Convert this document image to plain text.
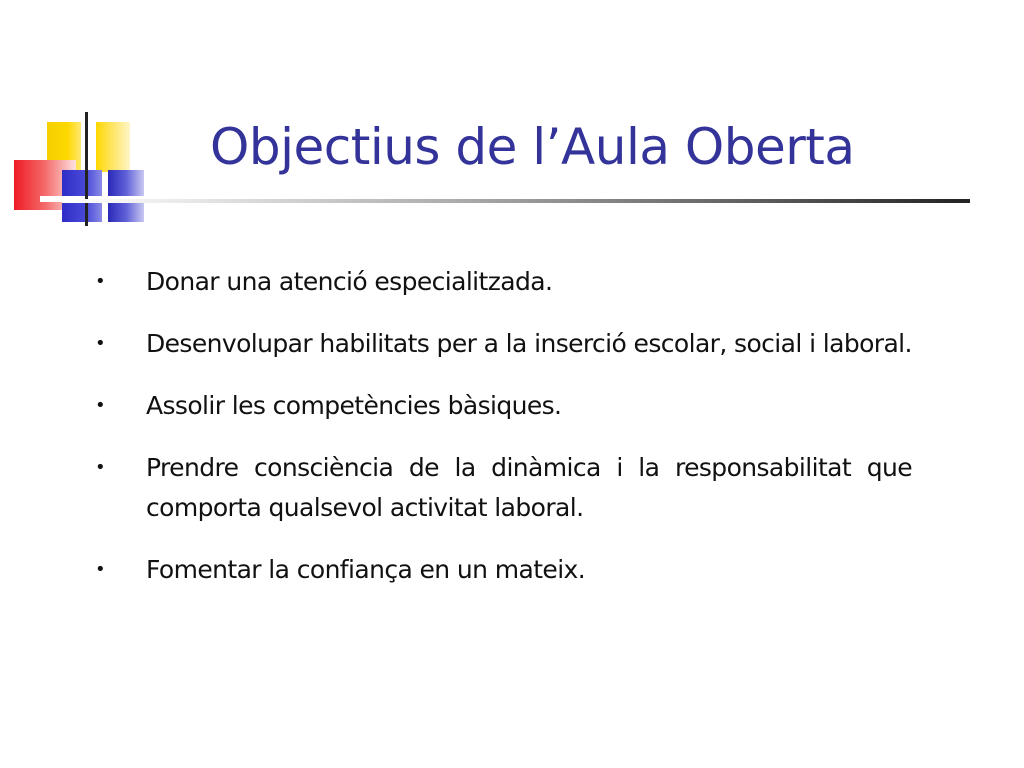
Objectius de l’Aula Oberta
• Donar una atenció especialitzada.
• Desenvolupar habilitats per a la inserció escolar, social i laboral.
• Assolir les competències bàsiques.
• Prendre consciència de la dinàmica i la responsabilitat que comporta qualsevol activitat laboral.
• Fomentar la confiança en un mateix.
